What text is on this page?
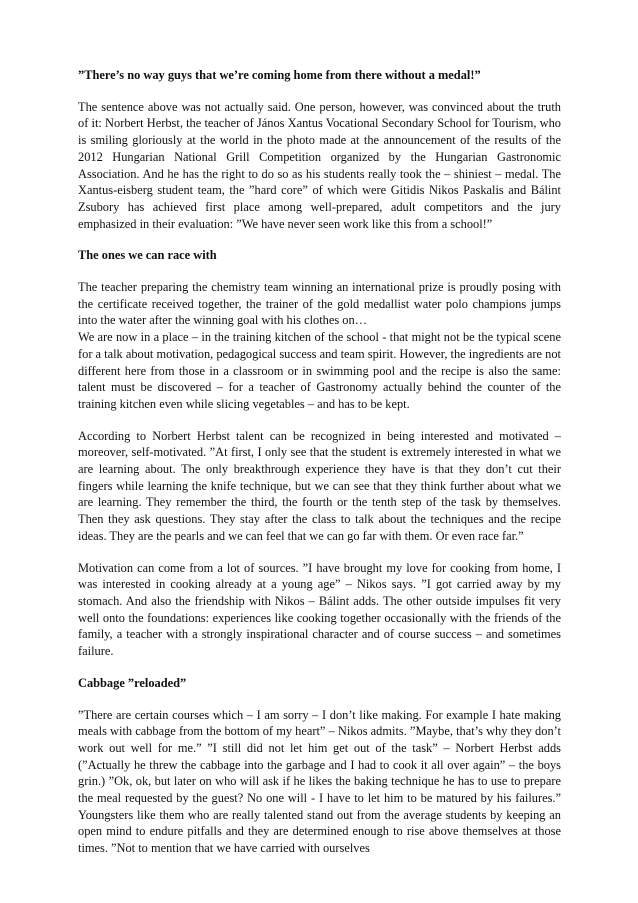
”There’s no way guys that we’re coming home from there without a medal!”
The sentence above was not actually said. One person, however, was convinced about the truth of it: Norbert Herbst, the teacher of János Xantus Vocational Secondary School for Tourism, who is smiling gloriously at the world in the photo made at the announcement of the results of the 2012 Hungarian National Grill Competition organized by the Hungarian Gastronomic Association. And he has the right to do so as his students really took the – shiniest – medal. The Xantus-eisberg student team, the ”hard core” of which were Gitidis Nikos Paskalis and Bálint Zsubory has achieved first place among well-prepared, adult competitors and the jury emphasized in their evaluation: ”We have never seen work like this from a school!”
The ones we can race with
The teacher preparing the chemistry team winning an international prize is proudly posing with the certificate received together, the trainer of the gold medallist water polo champions jumps into the water after the winning goal with his clothes on…
We are now in a place – in the training kitchen of the school - that might not be the typical scene for a talk about motivation, pedagogical success and team spirit. However, the ingredients are not different here from those in a classroom or in swimming pool and the recipe is also the same: talent must be discovered – for a teacher of Gastronomy actually behind the counter of the training kitchen even while slicing vegetables – and has to be kept.
According to Norbert Herbst talent can be recognized in being interested and motivated – moreover, self-motivated. ”At first, I only see that the student is extremely interested in what we are learning about. The only breakthrough experience they have is that they don’t cut their fingers while learning the knife technique, but we can see that they think further about what we are learning. They remember the third, the fourth or the tenth step of the task by themselves. Then they ask questions. They stay after the class to talk about the techniques and the recipe ideas. They are the pearls and we can feel that we can go far with them. Or even race far.”
Motivation can come from a lot of sources. ”I have brought my love for cooking from home, I was interested in cooking already at a young age” – Nikos says. ”I got carried away by my stomach. And also the friendship with Nikos – Bálint adds. The other outside impulses fit very well onto the foundations: experiences like cooking together occasionally with the friends of the family, a teacher with a strongly inspirational character and of course success – and sometimes failure.
Cabbage ”reloaded”
”There are certain courses which – I am sorry – I don’t like making. For example I hate making meals with cabbage from the bottom of my heart” – Nikos admits. ”Maybe, that’s why they don’t work out well for me.” ”I still did not let him get out of the task” – Norbert Herbst adds (”Actually he threw the cabbage into the garbage and I had to cook it all over again” – the boys grin.) ”Ok, ok, but later on who will ask if he likes the baking technique he has to use to prepare the meal requested by the guest? No one will - I have to let him to be matured by his failures.” Youngsters like them who are really talented stand out from the average students by keeping an open mind to endure pitfalls and they are determined enough to rise above themselves at those times. ”Not to mention that we have carried with ourselves
